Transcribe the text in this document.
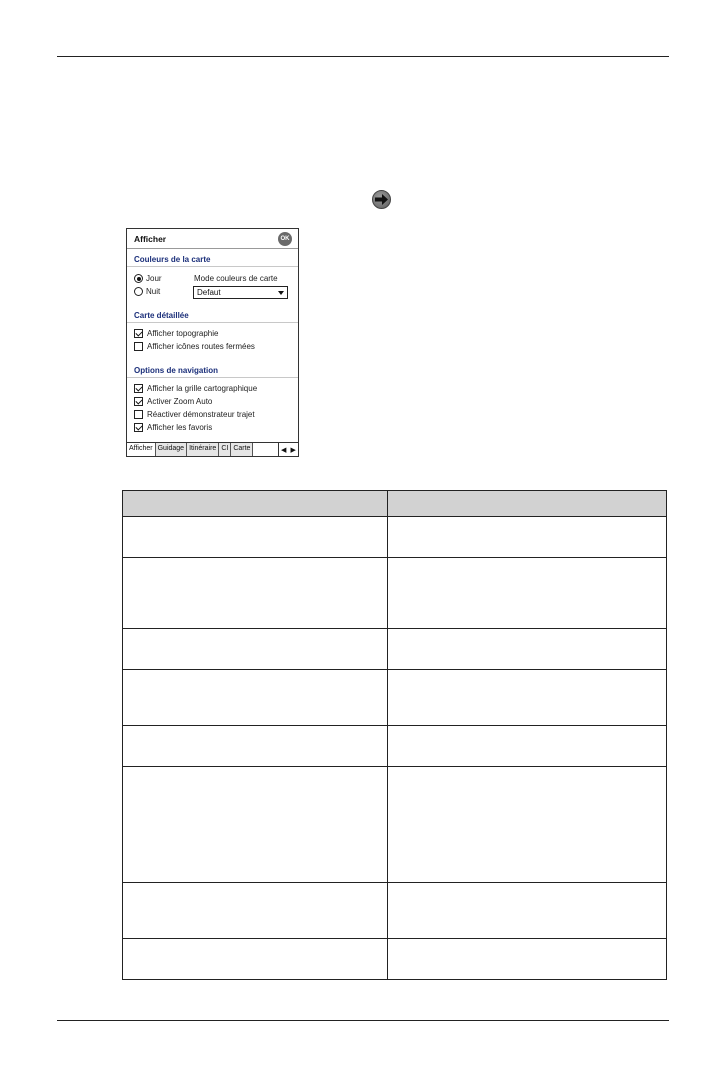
Afficher	OK
Couleurs de la carte
Jour
Nuit
Mode couleurs de carte
Defaut
Carte détaillée
Afficher topographie
Afficher icônes routes fermées
Options de navigation
Afficher la grille cartographique
Activer Zoom Auto
Réactiver démonstrateur trajet
Afficher les favoris
Afficher Guidage Itinéraire CI Carte	◀ ▶
